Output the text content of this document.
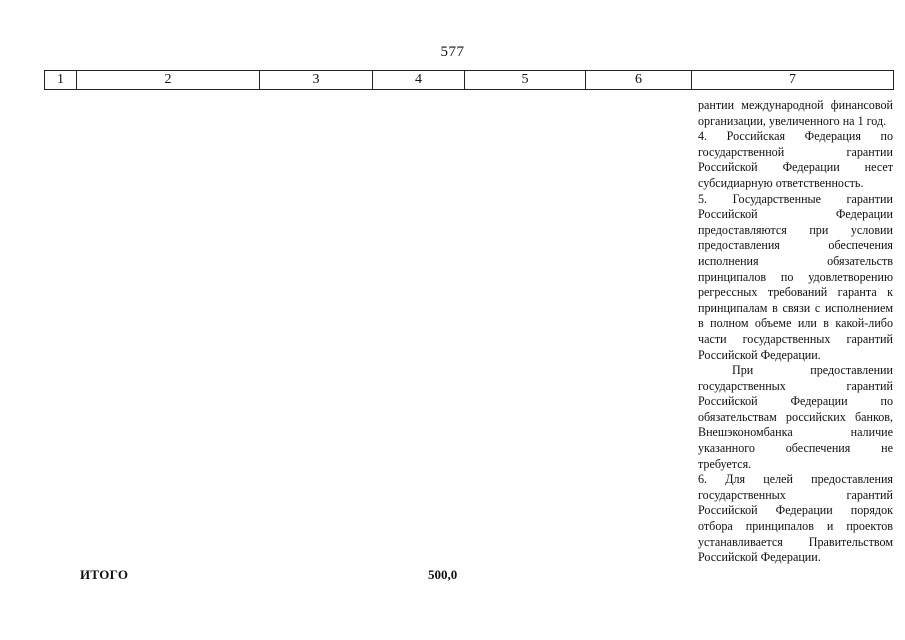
577
1	2	3	4	5	6	7

рантии международной финансовой организации, увеличенного на 1 год.

4. Российская Федерация по государственной гарантии Российской Федерации несет субсидиарную ответственность.

5. Государственные гарантии Российской Федерации предоставляются при условии предоставления обеспечения исполнения обязательств принципалов по удовлетворению регрессных требований гаранта к принципалам в связи с исполнением в полном объеме или в какой-либо части государственных гарантий Российской Федерации.

При предоставлении государственных гарантий Российской Федерации по обязательствам российских банков, Внешэкономбанка наличие указанного обеспечения не требуется.

6. Для целей предоставления государственных гарантий Российской Федерации порядок отбора принципалов и проектов устанавливается Правительством Российской Федерации.

ИТОГО	500,0
